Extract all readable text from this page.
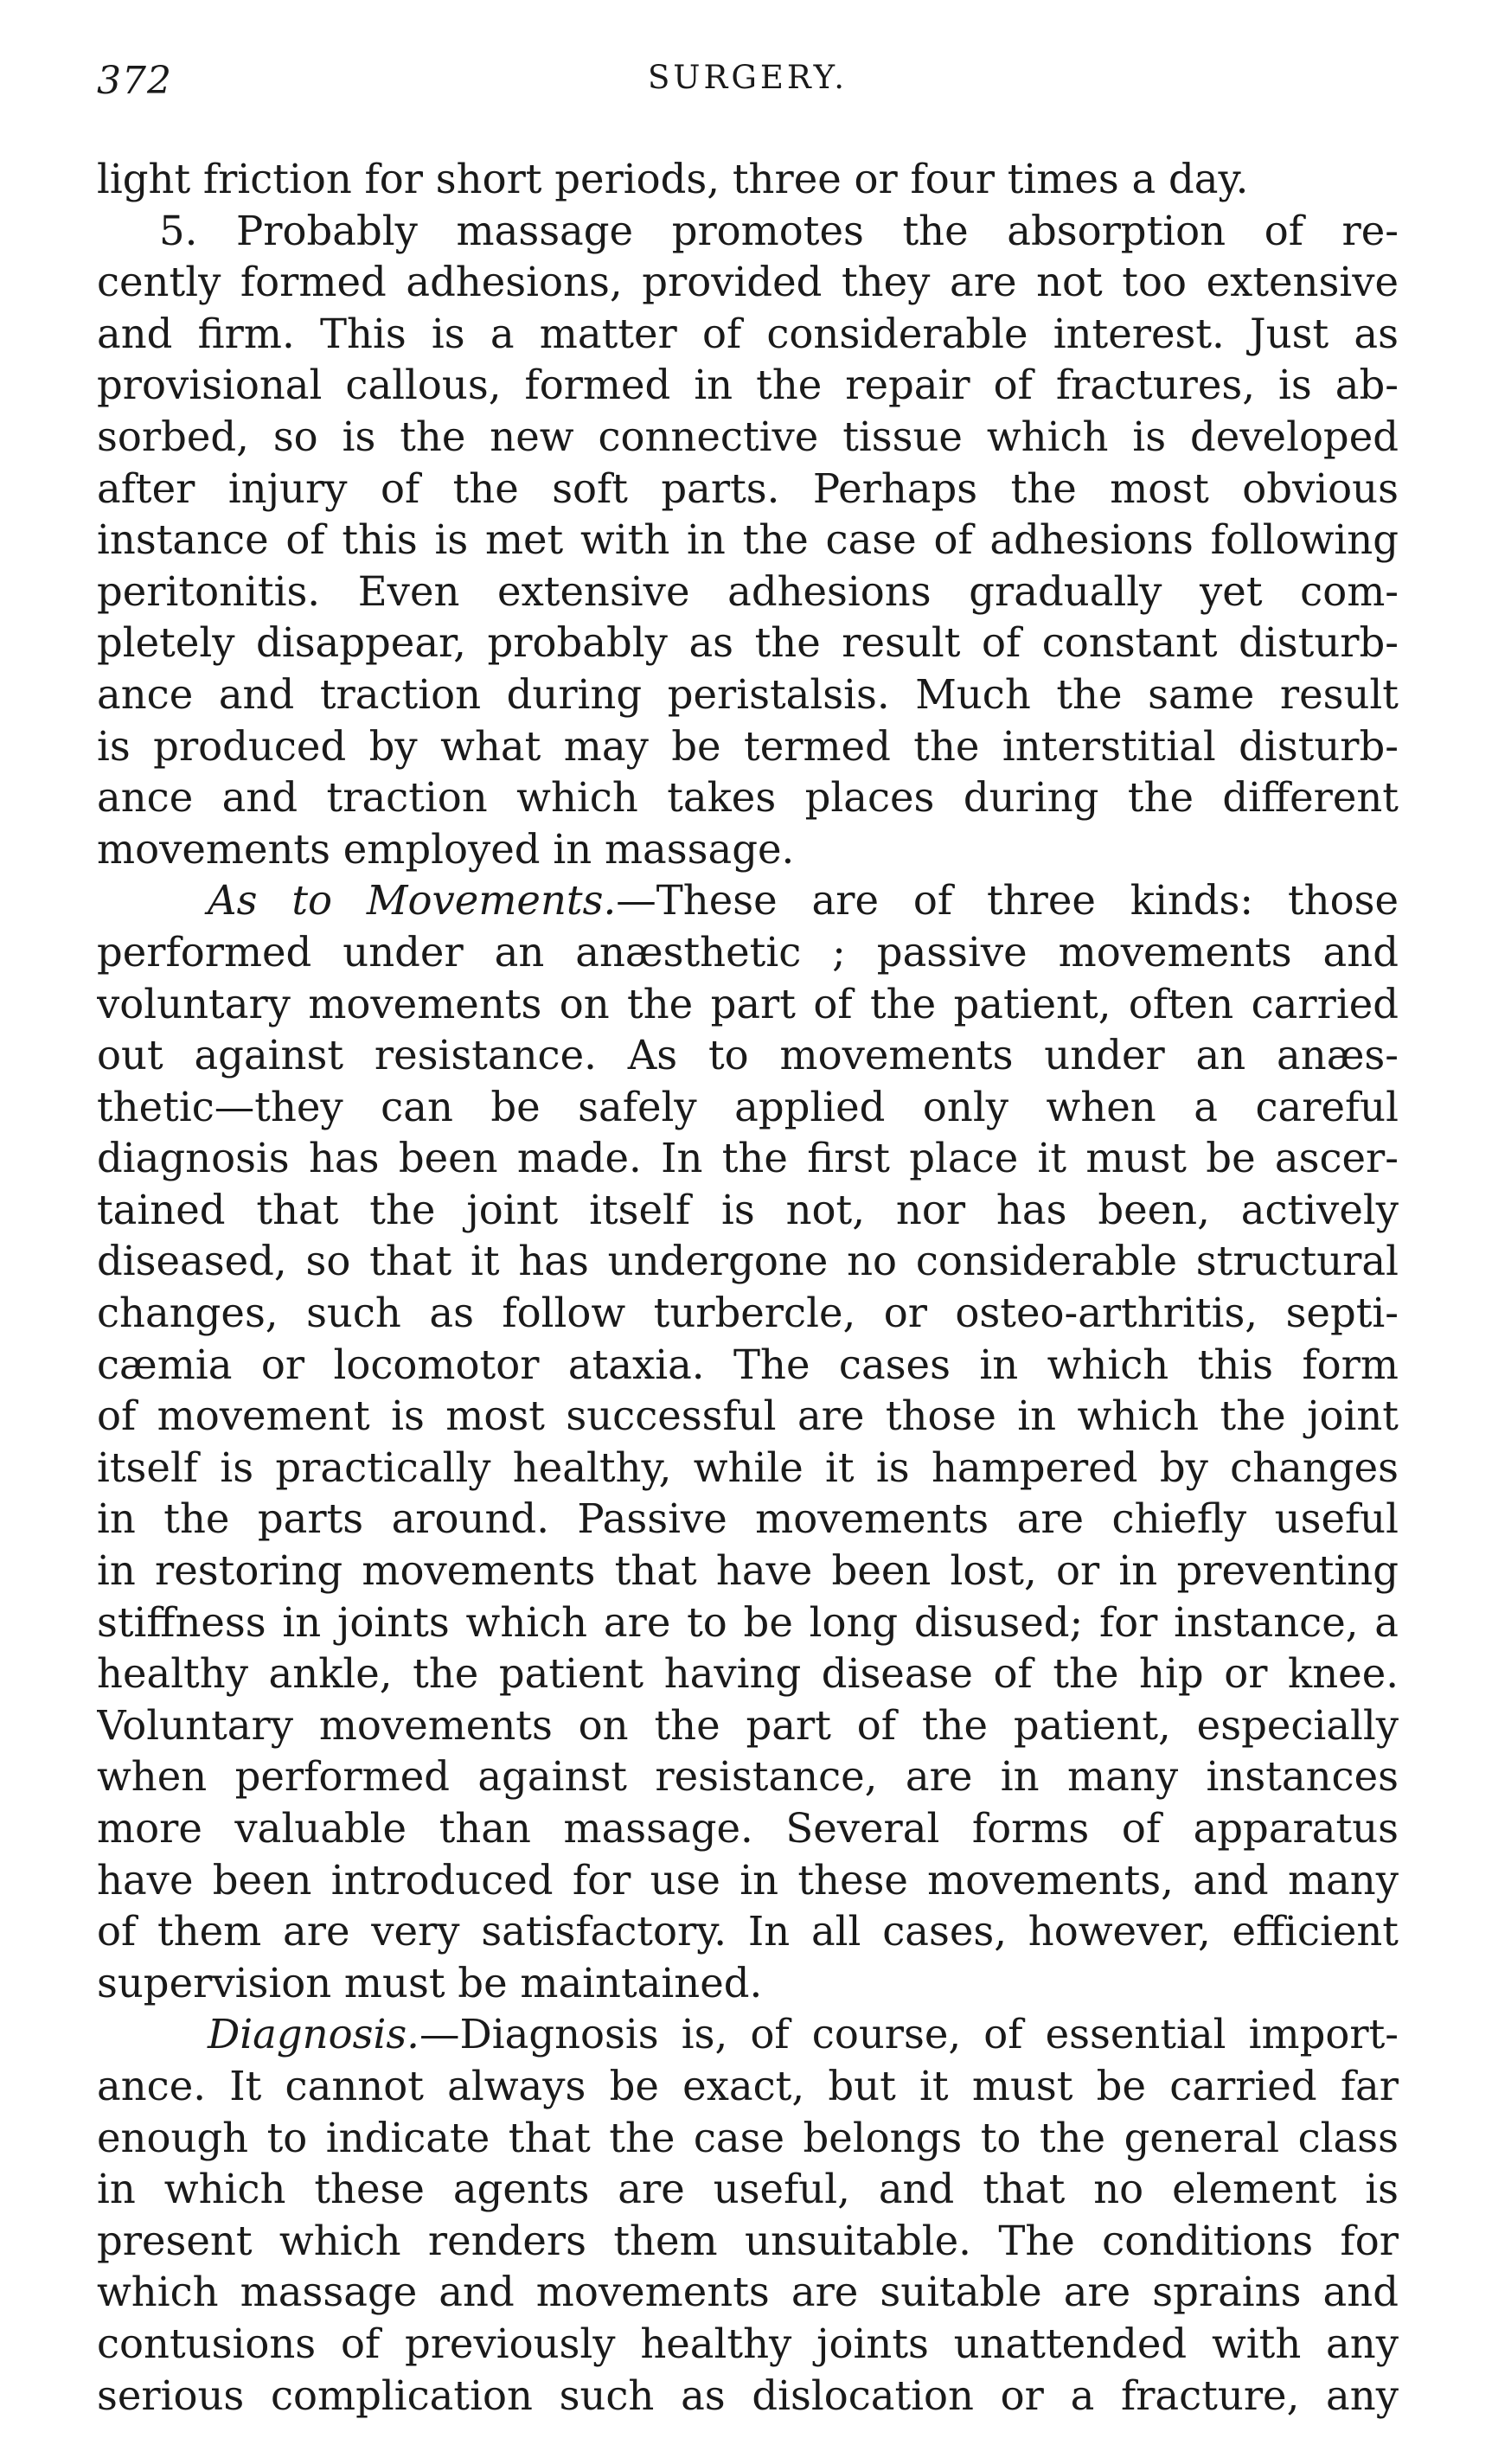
372	SURGERY.
light friction for short periods, three or four times a day.
5. Probably massage promotes the absorption of re-
cently formed adhesions, provided they are not too extensive
and firm. This is a matter of considerable interest. Just as
provisional callous, formed in the repair of fractures, is ab-
sorbed, so is the new connective tissue which is developed
after injury of the soft parts. Perhaps the most obvious
instance of this is met with in the case of adhesions following
peritonitis. Even extensive adhesions gradually yet com-
pletely disappear, probably as the result of constant disturb-
ance and traction during peristalsis. Much the same result
is produced by what may be termed the interstitial disturb-
ance and traction which takes places during the different
movements employed in massage.
As to Movements.—These are of three kinds: those
performed under an anæsthetic ; passive movements and
voluntary movements on the part of the patient, often carried
out against resistance. As to movements under an anæs-
thetic—they can be safely applied only when a careful
diagnosis has been made. In the first place it must be ascer-
tained that the joint itself is not, nor has been, actively
diseased, so that it has undergone no considerable structural
changes, such as follow turbercle, or osteo-arthritis, septi-
cæmia or locomotor ataxia. The cases in which this form
of movement is most successful are those in which the joint
itself is practically healthy, while it is hampered by changes
in the parts around. Passive movements are chiefly useful
in restoring movements that have been lost, or in preventing
stiffness in joints which are to be long disused; for instance, a
healthy ankle, the patient having disease of the hip or knee.
Voluntary movements on the part of the patient, especially
when performed against resistance, are in many instances
more valuable than massage. Several forms of apparatus
have been introduced for use in these movements, and many
of them are very satisfactory. In all cases, however, efficient
supervision must be maintained.
Diagnosis.—Diagnosis is, of course, of essential import-
ance. It cannot always be exact, but it must be carried far
enough to indicate that the case belongs to the general class
in which these agents are useful, and that no element is
present which renders them unsuitable. The conditions for
which massage and movements are suitable are sprains and
contusions of previously healthy joints unattended with any
serious complication such as dislocation or a fracture, any
